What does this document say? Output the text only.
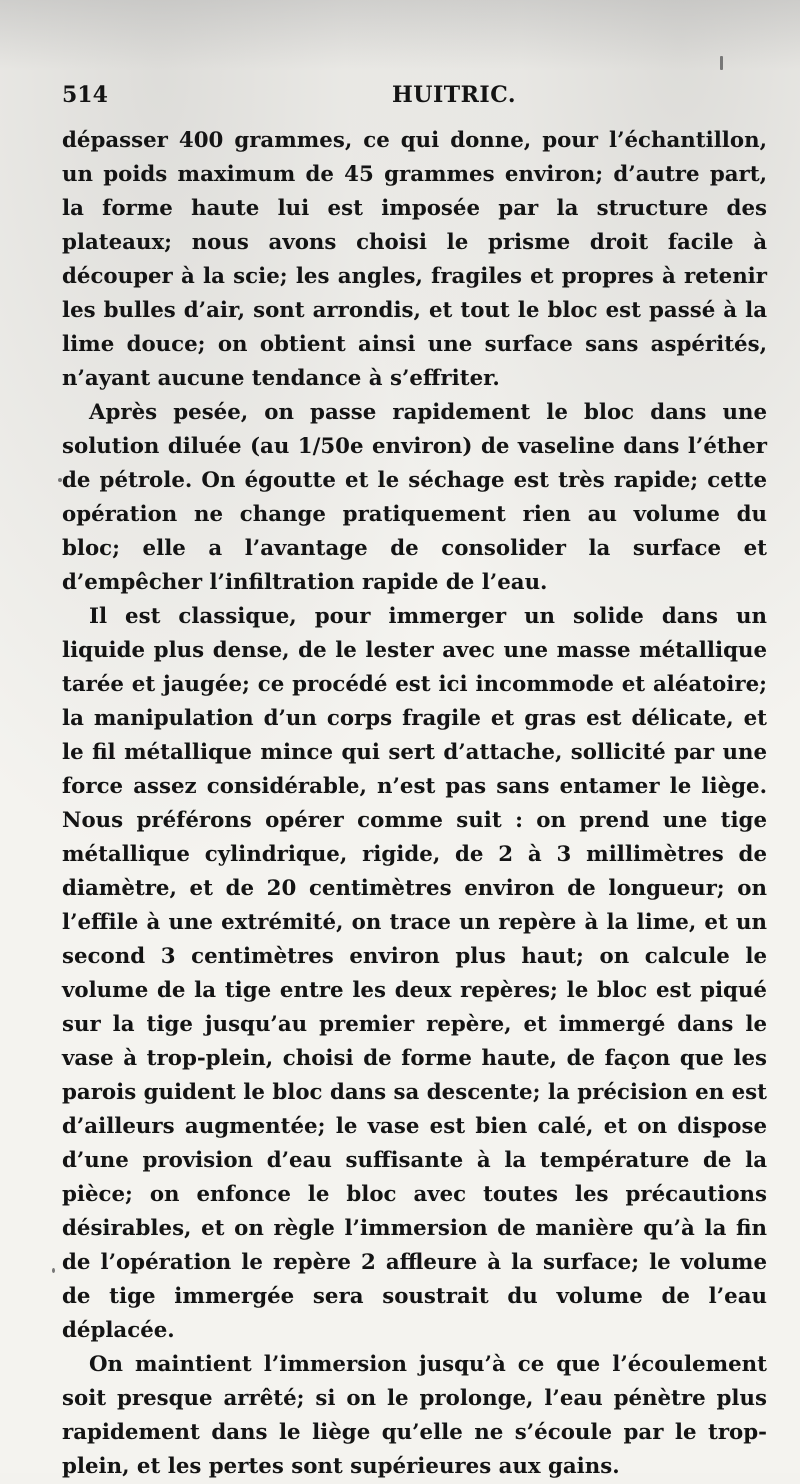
514	HUITRIC.

dépasser 400 grammes, ce qui donne, pour l’échantillon, un poids maximum de 45 grammes environ; d’autre part, la forme haute lui est imposée par la structure des plateaux; nous avons choisi le prisme droit facile à découper à la scie; les angles, fragiles et propres à retenir les bulles d’air, sont arrondis, et tout le bloc est passé à la lime douce; on obtient ainsi une surface sans aspérités, n’ayant aucune tendance à s’effriter.

Après pesée, on passe rapidement le bloc dans une solution diluée (au 1/50e environ) de vaseline dans l’éther de pétrole. On égoutte et le séchage est très rapide; cette opération ne change pratiquement rien au volume du bloc; elle a l’avantage de consolider la surface et d’empêcher l’infiltration rapide de l’eau.

Il est classique, pour immerger un solide dans un liquide plus dense, de le lester avec une masse métallique tarée et jaugée; ce procédé est ici incommode et aléatoire; la manipulation d’un corps fragile et gras est délicate, et le fil métallique mince qui sert d’attache, sollicité par une force assez considérable, n’est pas sans entamer le liège. Nous préférons opérer comme suit : on prend une tige métallique cylindrique, rigide, de 2 à 3 millimètres de diamètre, et de 20 centimètres environ de longueur; on l’effile à une extrémité, on trace un repère à la lime, et un second 3 centimètres environ plus haut; on calcule le volume de la tige entre les deux repères; le bloc est piqué sur la tige jusqu’au premier repère, et immergé dans le vase à trop-plein, choisi de forme haute, de façon que les parois guident le bloc dans sa descente; la précision en est d’ailleurs augmentée; le vase est bien calé, et on dispose d’une provision d’eau suffisante à la température de la pièce; on enfonce le bloc avec toutes les précautions désirables, et on règle l’immersion de manière qu’à la fin de l’opération le repère 2 affleure à la surface; le volume de tige immergée sera soustrait du volume de l’eau déplacée.

On maintient l’immersion jusqu’à ce que l’écoulement soit presque arrêté; si on le prolonge, l’eau pénètre plus rapidement dans le liège qu’elle ne s’écoule par le trop-plein, et les pertes sont supérieures aux gains.
